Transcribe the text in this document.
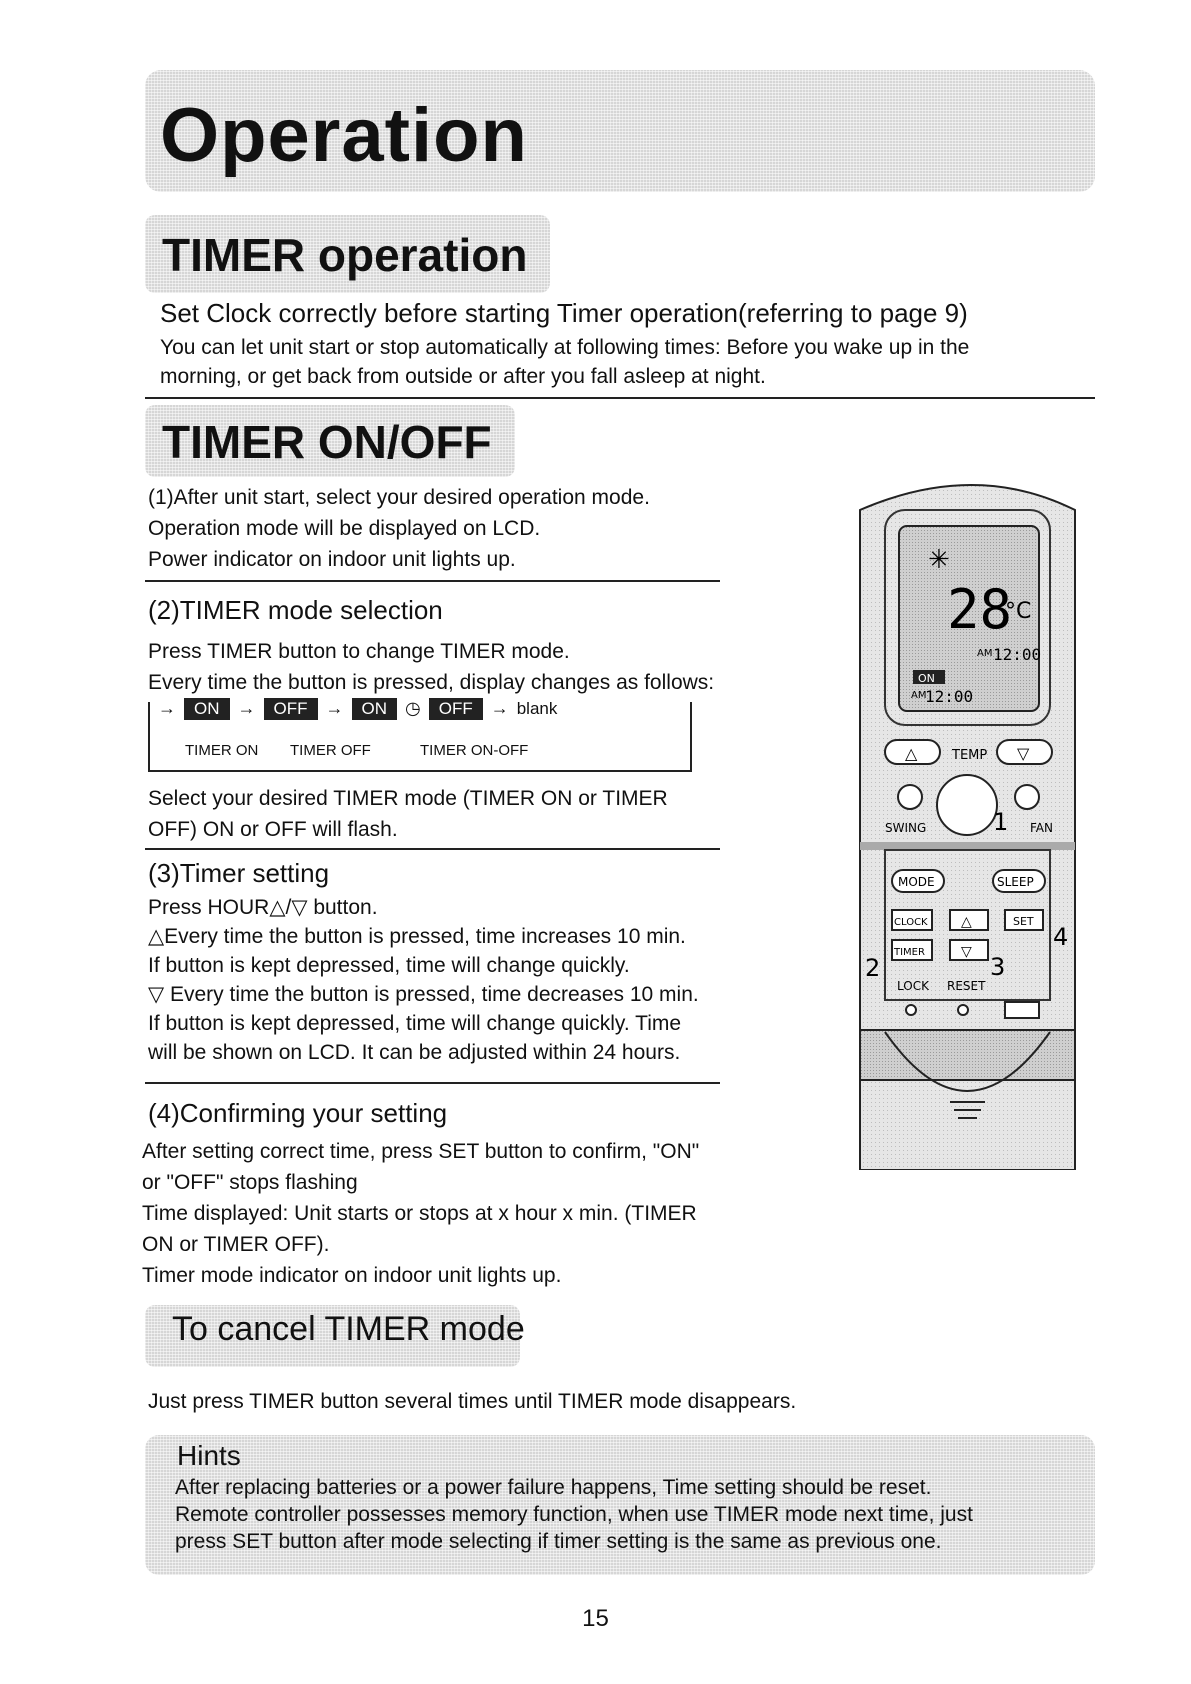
Operation
TIMER operation
Set Clock correctly before starting Timer operation(referring to page 9)
You can let unit start or stop automatically at following times: Before you wake up in the
morning, or get back from outside or after you fall asleep at night.
TIMER ON/OFF
(1)After unit start, select your desired operation mode.
Operation mode will be displayed on LCD.
Power indicator on indoor unit lights up.
(2)TIMER mode selection
Press TIMER button to change TIMER mode.
Every time the button is pressed, display changes as follows:
→ ON → OFF → ON ◷ OFF → blank
TIMER ON TIMER OFF	TIMER ON-OFF
Select your desired TIMER mode (TIMER ON or TIMER
OFF) ON or OFF will flash.
(3)Timer setting
Press HOUR△/▽ button.
△Every time the button is pressed, time increases 10 min.
If button is kept depressed, time will change quickly.
▽ Every time the button is pressed, time decreases 10 min.
If button is kept depressed, time will change quickly. Time
will be shown on LCD. It can be adjusted within 24 hours.
(4)Confirming your setting
After setting correct time, press SET button to confirm, "ON"
or "OFF" stops flashing
Time displayed: Unit starts or stops at x hour x min. (TIMER
ON or TIMER OFF).
Timer mode indicator on indoor unit lights up.
To cancel TIMER mode
Just press TIMER button several times until TIMER mode disappears.
Hints
After replacing batteries or a power failure happens, Time setting should be reset.
Remote controller possesses memory function, when use TIMER mode next time, just
press SET button after mode selecting if timer setting is the same as previous one.
15
✳
28
°C
AM 12:00
ON
AM
12:00
△	TEMP ▽
SWING	FAN
MODE	SLEEP
CLOCK △	SET
TIMER	▽
LOCK RESET
1
2	3
4
